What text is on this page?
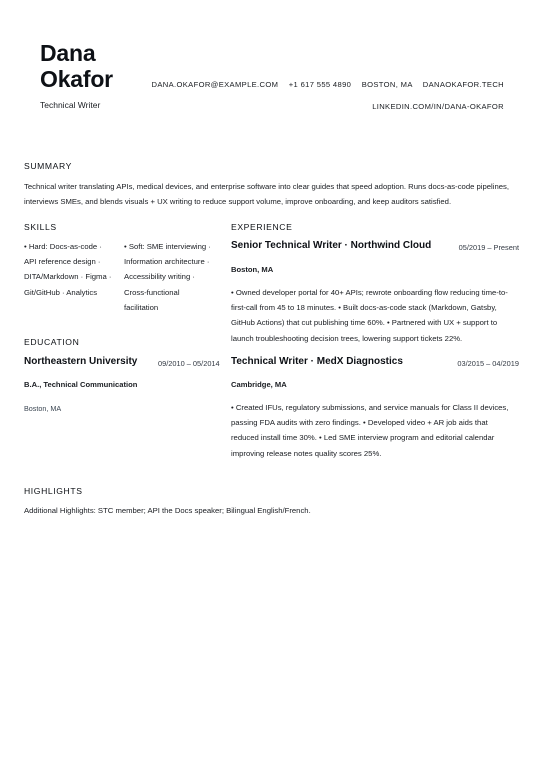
Dana
Okafor
Technical Writer
DANA.OKAFOR@EXAMPLE.COM +1 617 555 4890 BOSTON, MA DANAOKAFOR.TECH
LINKEDIN.COM/IN/DANA-OKAFOR
SUMMARY
Technical writer translating APIs, medical devices, and enterprise software into clear guides that speed adoption. Runs docs-as-code pipelines,
interviews SMEs, and blends visuals + UX writing to reduce support volume, improve onboarding, and keep auditors satisfied.
SKILLS
• Hard: Docs-as-code ·
API reference design ·
DITA/Markdown · Figma ·
Git/GitHub · Analytics
• Soft: SME interviewing ·
Information architecture ·
Accessibility writing ·
Cross-functional
facilitation
EDUCATION
Northeastern University	09/2010 – 05/2014
B.A., Technical Communication
Boston, MA
EXPERIENCE
Senior Technical Writer · Northwind Cloud	05/2019 – Present
Boston, MA
• Owned developer portal for 40+ APIs; rewrote onboarding flow reducing time-to-
first-call from 45 to 18 minutes. • Built docs-as-code stack (Markdown, Gatsby,
GitHub Actions) that cut publishing time 60%. • Partnered with UX + support to
launch troubleshooting decision trees, lowering support tickets 22%.
Technical Writer · MedX Diagnostics	03/2015 – 04/2019
Cambridge, MA
• Created IFUs, regulatory submissions, and service manuals for Class II devices,
passing FDA audits with zero findings. • Developed video + AR job aids that
reduced install time 30%. • Led SME interview program and editorial calendar
improving release notes quality scores 25%.
HIGHLIGHTS
Additional Highlights: STC member; API the Docs speaker; Bilingual English/French.
